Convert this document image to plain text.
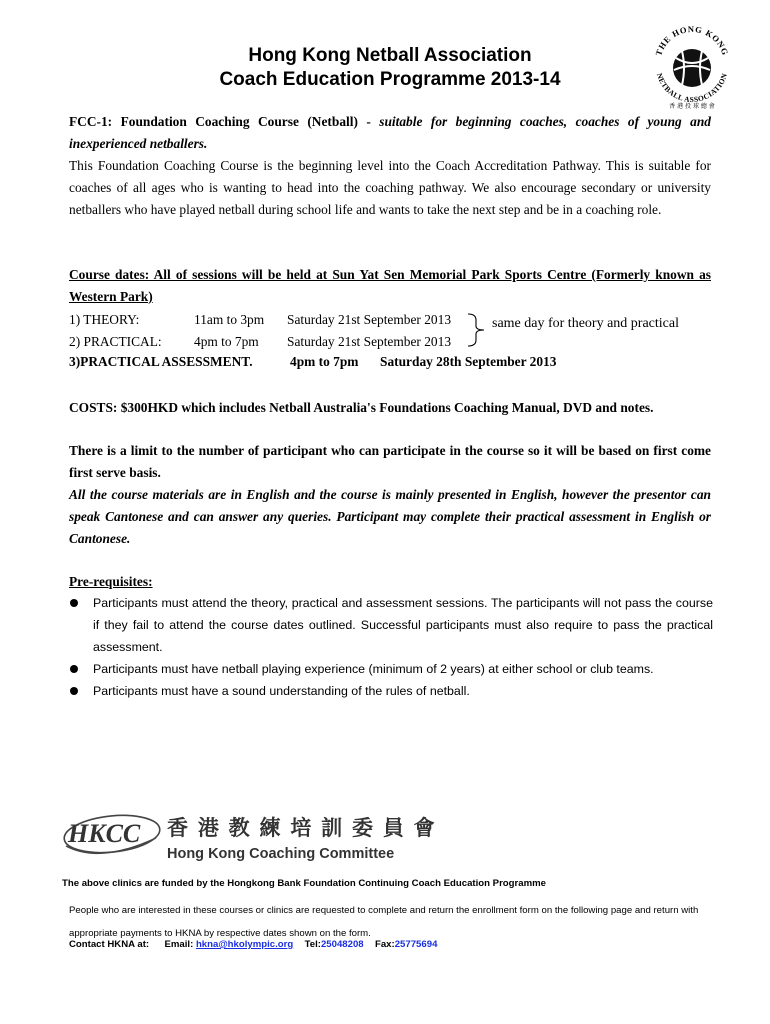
Hong Kong Netball Association
Coach Education Programme 2013-14
THE HONG KONG
NETBALL ASSOCIATION
香 港 投 球 總 會
FCC-1: Foundation Coaching Course (Netball) - suitable for beginning coaches, coaches of young and inexperienced netballers.
This Foundation Coaching Course is the beginning level into the Coach Accreditation Pathway. This is suitable for coaches of all ages who is wanting to head into the coaching pathway. We also encourage secondary or university netballers who have played netball during school life and wants to take the next step and be in a coaching role.
Course dates: All of sessions will be held at Sun Yat Sen Memorial Park Sports Centre (Formerly known as Western Park)
1) THEORY:	11am to 3pm Saturday 21st September 2013
2) PRACTICAL: 4pm to 7pm Saturday 21st September 2013
same day for theory and practical
3)PRACTICAL ASSESSMENT.	4pm to 7pm Saturday 28th September 2013
COSTS: $300HKD which includes Netball Australia's Foundations Coaching Manual, DVD and notes.
There is a limit to the number of participant who can participate in the course so it will be based on first come first serve basis.
All the course materials are in English and the course is mainly presented in English, however the presentor can speak Cantonese and can answer any queries. Participant may complete their practical assessment in English or Cantonese.
Pre-requisites:
Participants must attend the theory, practical and assessment sessions. The participants will not pass the course if they fail to attend the course dates outlined. Successful participants must also require to pass the practical assessment.
Participants must have netball playing experience (minimum of 2 years) at either school or club teams.
Participants must have a sound understanding of the rules of netball.
HKCC 香 港 教 練 培 訓 委 員 會
Hong Kong Coaching Committee
The above clinics are funded by the Hongkong Bank Foundation Continuing Coach Education Programme
People who are interested in these courses or clinics are requested to complete and return the enrollment form on the following page and return with appropriate payments to HKNA by respective dates shown on the form.
Contact HKNA at: Email: hkna@hkolympic.org Tel:25048208 Fax:25775694
